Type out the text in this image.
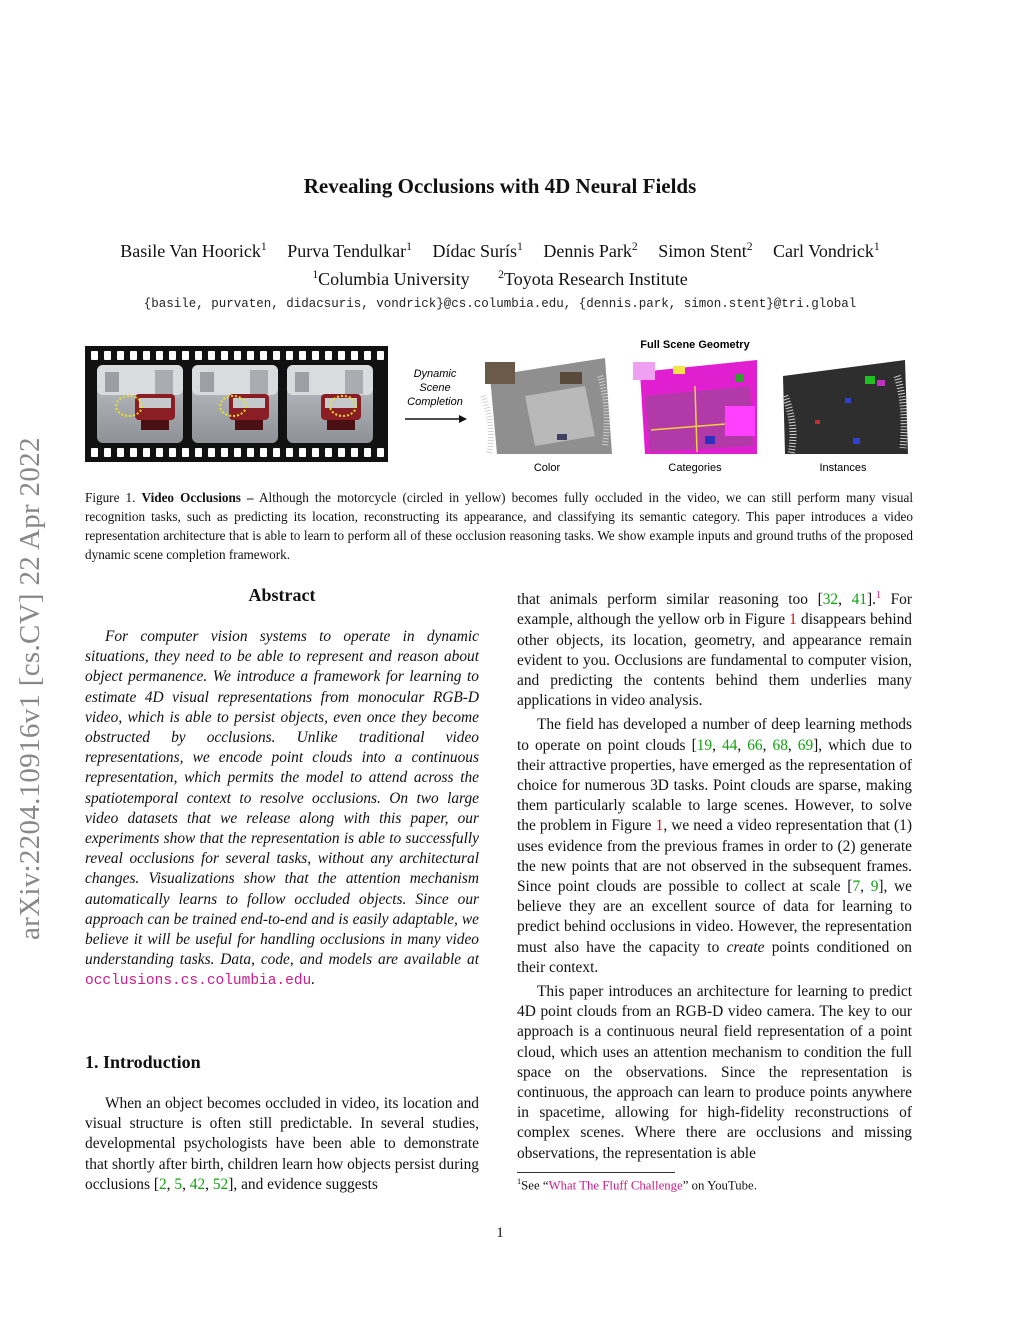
arXiv:2204.10916v1 [cs.CV] 22 Apr 2022
Revealing Occlusions with 4D Neural Fields
Basile Van Hoorick$^1$ Purva Tendulkar$^1$ Dídac Surís$^1$ Dennis Park$^2$ Simon Stent$^2$ Carl Vondrick$^1$
$^1$Columbia University $^2$Toyota Research Institute
{basile, purvaten, didacsuris, vondrick}@cs.columbia.edu, {dennis.park, simon.stent}@tri.global
Dynamic
Scene
Completion
Full Scene Geometry
Color	Categories	Instances
Figure 1. Video Occlusions – Although the motorcycle (circled in yellow) becomes fully occluded in the video, we can still perform many visual recognition tasks, such as predicting its location, reconstructing its appearance, and classifying its semantic category. This paper introduces a video representation architecture that is able to learn to perform all of these occlusion reasoning tasks. We show example inputs and ground truths of the proposed dynamic scene completion framework.
Abstract

For computer vision systems to operate in dynamic situations, they need to be able to represent and reason about object permanence. We introduce a framework for learning to estimate 4D visual representations from monocular RGB-D video, which is able to persist objects, even once they become obstructed by occlusions. Unlike traditional video representations, we encode point clouds into a continuous representation, which permits the model to attend across the spatiotemporal context to resolve occlusions. On two large video datasets that we release along with this paper, our experiments show that the representation is able to successfully reveal occlusions for several tasks, without any architectural changes. Visualizations show that the attention mechanism automatically learns to follow occluded objects. Since our approach can be trained end-to-end and is easily adaptable, we believe it will be useful for handling occlusions in many video understanding tasks. Data, code, and models are available at occlusions.cs.columbia.edu.

1. Introduction

When an object becomes occluded in video, its location and visual structure is often still predictable. In several studies, developmental psychologists have been able to demonstrate that shortly after birth, children learn how objects persist during occlusions [2, 5, 42, 52], and evidence suggests

that animals perform similar reasoning too [32, 41].$^1$ For example, although the yellow orb in Figure 1 disappears behind other objects, its location, geometry, and appearance remain evident to you. Occlusions are fundamental to computer vision, and predicting the contents behind them underlies many applications in video analysis.

The field has developed a number of deep learning methods to operate on point clouds [19, 44, 66, 68, 69], which due to their attractive properties, have emerged as the representation of choice for numerous 3D tasks. Point clouds are sparse, making them particularly scalable to large scenes. However, to solve the problem in Figure 1, we need a video representation that (1) uses evidence from the previous frames in order to (2) generate the new points that are not observed in the subsequent frames. Since point clouds are possible to collect at scale [7, 9], we believe they are an excellent source of data for learning to predict behind occlusions in video. However, the representation must also have the capacity to create points conditioned on their context.

This paper introduces an architecture for learning to predict 4D point clouds from an RGB-D video camera. The key to our approach is a continuous neural field representation of a point cloud, which uses an attention mechanism to condition the full space on the observations. Since the representation is continuous, the approach can learn to produce points anywhere in spacetime, allowing for high-fidelity reconstructions of complex scenes. Where there are occlusions and missing observations, the representation is able

$^1$See “What The Fluff Challenge” on YouTube.
1
